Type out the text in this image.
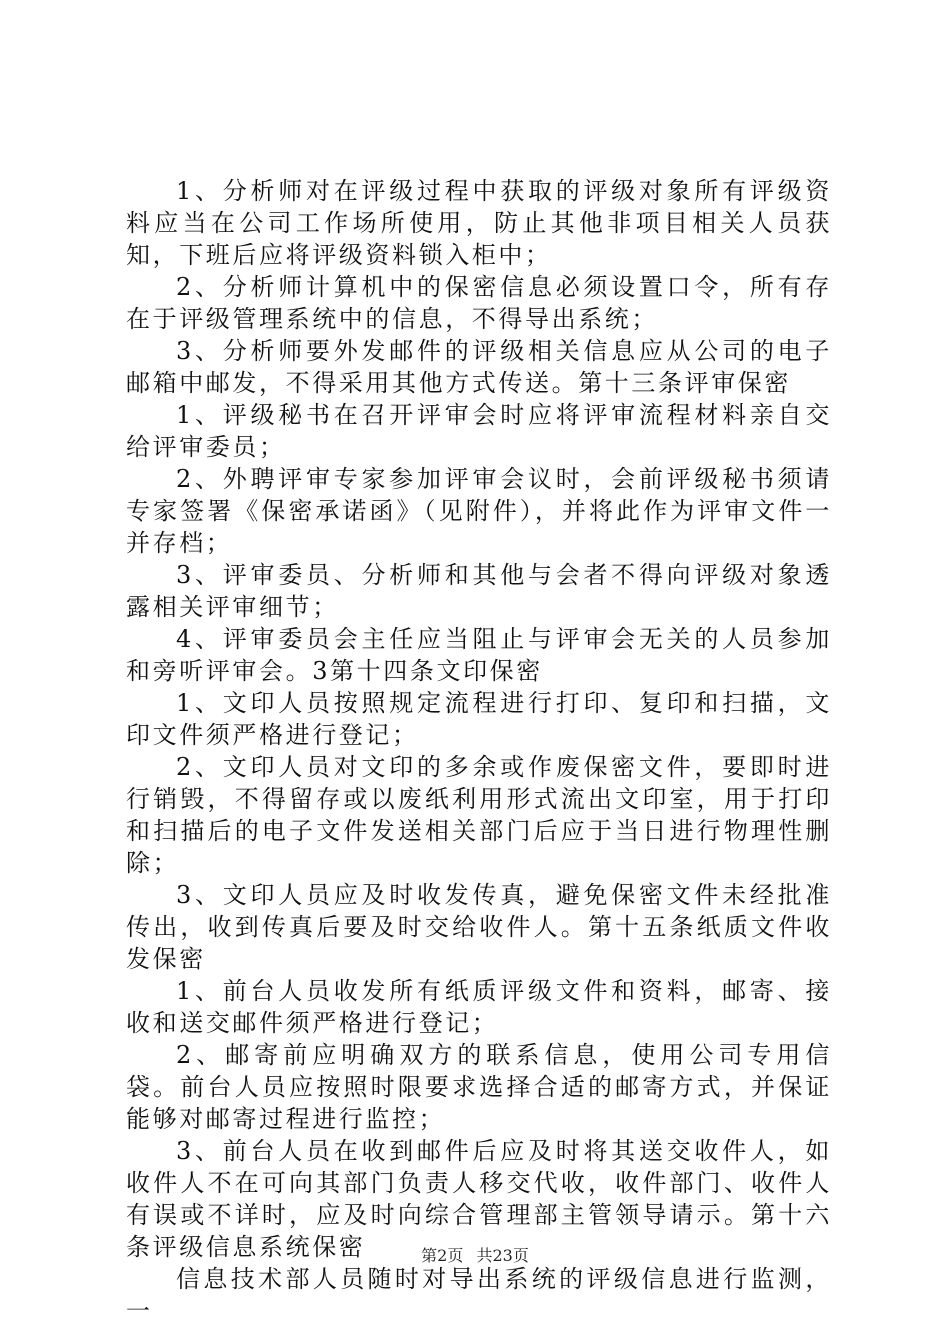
1、分析师对在评级过程中获取的评级对象所有评级资料应当在公司工作场所使用，防止其他非项目相关人员获知，下班后应将评级资料锁入柜中；

2、分析师计算机中的保密信息必须设置口令，所有存在于评级管理系统中的信息，不得导出系统；

3、分析师要外发邮件的评级相关信息应从公司的电子邮箱中邮发，不得采用其他方式传送。第十三条评审保密

1、评级秘书在召开评审会时应将评审流程材料亲自交给评审委员；

2、外聘评审专家参加评审会议时，会前评级秘书须请专家签署《保密承诺函》（见附件），并将此作为评审文件一并存档；

3、评审委员、分析师和其他与会者不得向评级对象透露相关评审细节；

4、评审委员会主任应当阻止与评审会无关的人员参加和旁听评审会。3第十四条文印保密

1、文印人员按照规定流程进行打印、复印和扫描，文印文件须严格进行登记；

2、文印人员对文印的多余或作废保密文件，要即时进行销毁，不得留存或以废纸利用形式流出文印室，用于打印和扫描后的电子文件发送相关部门后应于当日进行物理性删除；

3、文印人员应及时收发传真，避免保密文件未经批准传出，收到传真后要及时交给收件人。第十五条纸质文件收发保密

1、前台人员收发所有纸质评级文件和资料，邮寄、接收和送交邮件须严格进行登记；

2、邮寄前应明确双方的联系信息，使用公司专用信袋。前台人员应按照时限要求选择合适的邮寄方式，并保证能够对邮寄过程进行监控；

3、前台人员在收到邮件后应及时将其送交收件人，如收件人不在可向其部门负责人移交代收，收件部门、收件人有误或不详时，应及时向综合管理部主管领导请示。第十六条评级信息系统保密

信息技术部人员随时对导出系统的评级信息进行监测，一

第2页 共23页
